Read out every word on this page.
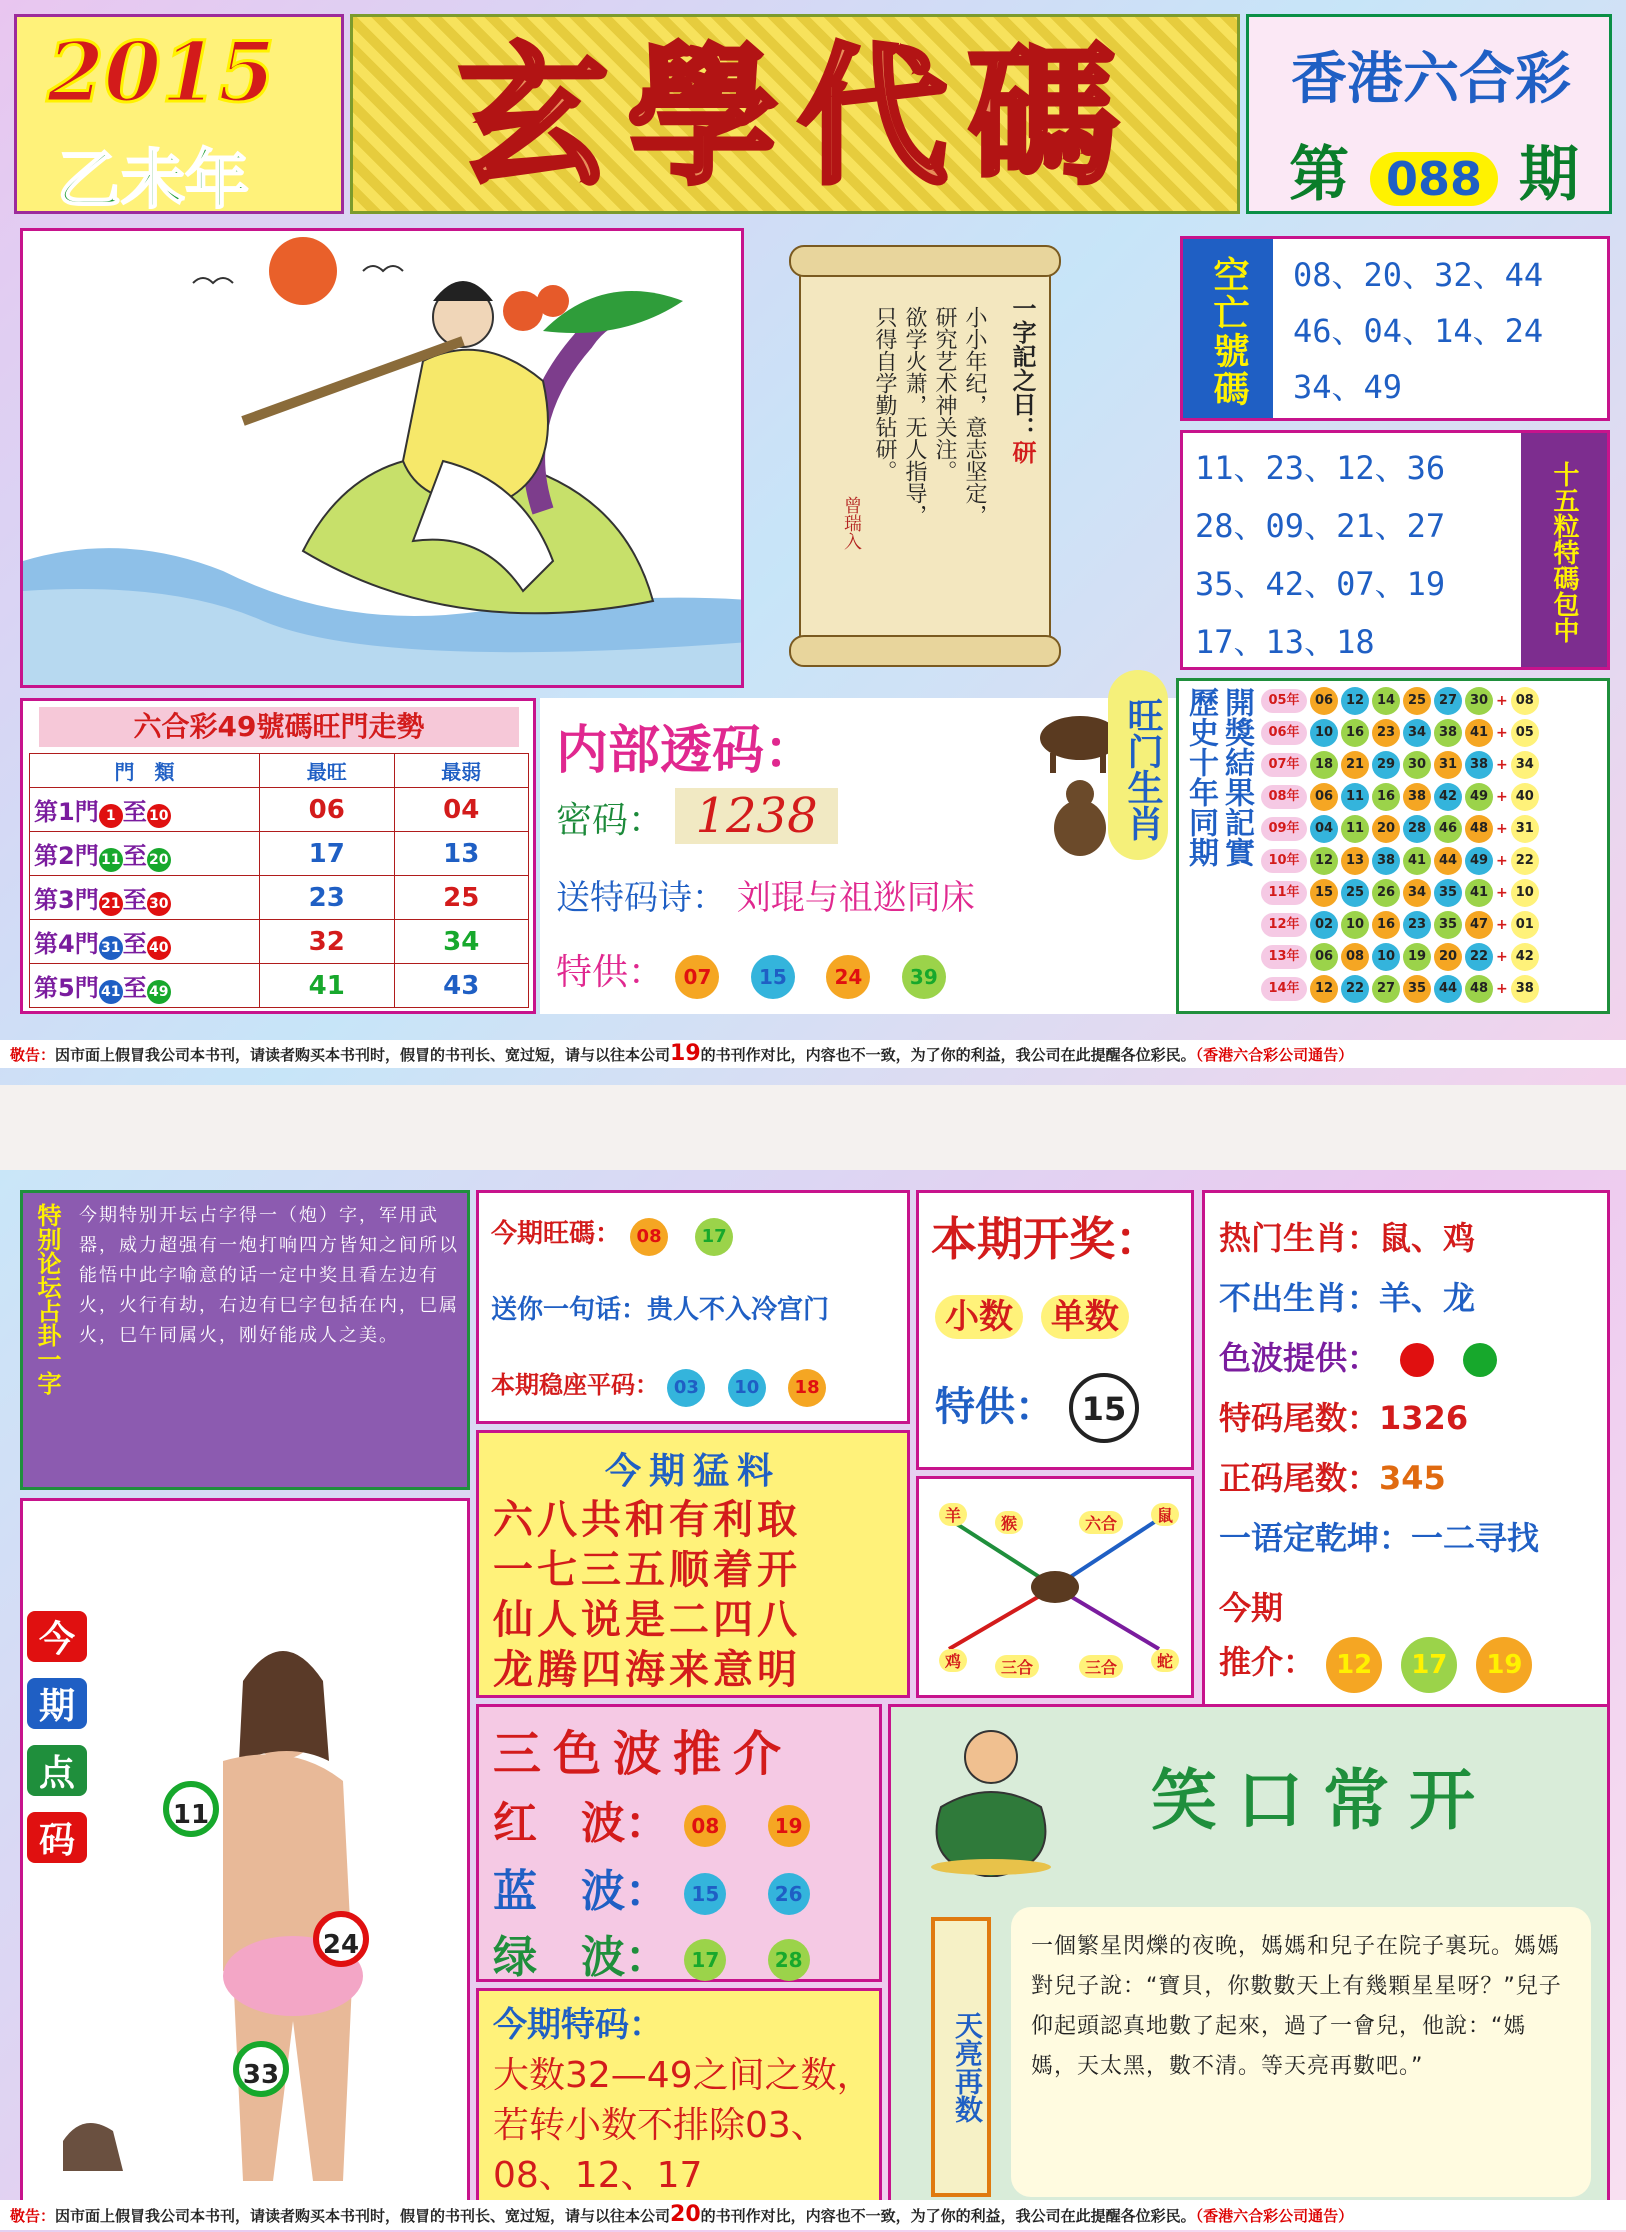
2015
乙未年	玄學代碼	香港六合彩
第 088 期
一字記之日：研
小小年纪，意志坚定，
研究艺术神关注。
欲学火萧，无人指导，
只得自学勤钻研。
曾瑞入
空亡號碼	08、20、32、44
46、04、14、24
34、49
11、23、12、36
28、09、21、27
35、42、07、19
17、13、18	十五粒特碼包中
六合彩49號碼旺門走勢
門　類	最旺	最弱
第1門 1 至 10	06	04
第2門 11至 20	17	13
第3門 21至 30	23	25
第4門 31至 40	32	34
第5門 41至 49	41	43
内部透码：
密码： 1238
送特码诗： 刘琨与祖逖同床
特供： 07 15 24 39
旺门生肖 歷史十年同期 開獎結果記實	05年	06 12 14 25 27 30 + 08
06年	10 16 23 34 38 41 + 05
07年	18 21 29 30 31 38 + 34
08年	06 11 16 38 42 49 + 40
09年	04 11 20 28 46 48 + 31
10年	12 13 38 41 44 49 + 22
11年	15 25 26 34 35 41 + 10
12年	02 10 16 23 35 47 + 01
13年	06 08 10 19 20 22 + 42
14年	12 22 27 35 44 48 + 38
敬告：因市面上假冒我公司本书刊，请读者购买本书刊时，假冒的书刊长、宽过短，请与以往本公司19的书刊作对比，内容也不一致，为了你的利益，我公司在此提醒各位彩民。（香港六合彩公司通告）
特别论坛占卦一字	今期特别开坛占字得一（炮）字，军用武器，威力超强有一炮打响四方皆知之间所以能悟中此字喻意的话一定中奖且看左边有火，火行有劫，右边有巳字包括在内，巳属火，巳午同属火，刚好能成人之美。
今
期
点
码
11
24
33
今期旺碼： 08 17
送你一句话：贵人不入冷宫门
本期稳座平码： 03 10 18
本期开奖：
小数 单数
特供： 15
热门生肖：鼠、鸡
不出生肖：羊、龙
色波提供：
特码尾数：1326
正码尾数：345
一语定乾坤：一二寻找
今期
推介： 12 17 19
今期猛料
六八共和有利取
一七三五顺着开
仙人说是二四八
龙腾四海来意明
羊	猴	六合	鼠
鸡	三合	三合	蛇
三色波推介
红　波： 08	19
蓝　波： 15	26
绿　波： 17	28
今期特码：
大数32—49之间之数，若转小数不排除03、08、12、17
笑口常开
天亮再数
一個繁星閃爍的夜晚，媽媽和兒子在院子裏玩。媽媽對兒子說：“寶貝，你數數天上有幾顆星星呀？”兒子仰起頭認真地數了起來，過了一會兒，他說：“媽媽，天太黑，數不清。等天亮再數吧。”
敬告：因市面上假冒我公司本书刊，请读者购买本书刊时，假冒的书刊长、宽过短，请与以往本公司20的书刊作对比，内容也不一致，为了你的利益，我公司在此提醒各位彩民。（香港六合彩公司通告）
